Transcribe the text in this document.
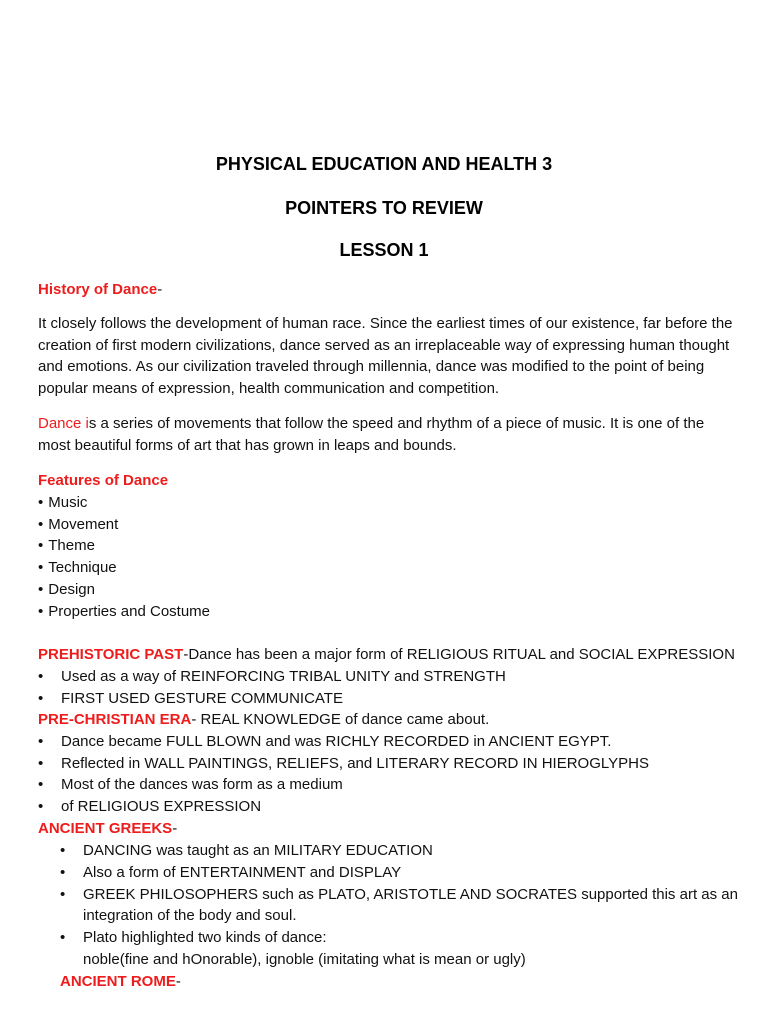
PHYSICAL EDUCATION AND HEALTH 3
POINTERS TO REVIEW
LESSON 1
History of Dance-

It closely follows the development of human race. Since the earliest times of our existence, far before the creation of first modern civilizations, dance served as an irreplaceable way of expressing human thought and emotions. As our civilization traveled through millennia, dance was modified to the point of being popular means of expression, health communication and competition.

Dance is a series of movements that follow the speed and rhythm of a piece of music. It is one of the most beautiful forms of art that has grown in leaps and bounds.

Features of Dance
• Music
• Movement
• Theme
• Technique
• Design
• Properties and Costume
PREHISTORIC PAST-Dance has been a major form of RELIGIOUS RITUAL and SOCIAL EXPRESSION
• Used as a way of REINFORCING TRIBAL UNITY and STRENGTH
• FIRST USED GESTURE COMMUNICATE
PRE-CHRISTIAN ERA- REAL KNOWLEDGE of dance came about.
• Dance became FULL BLOWN and was RICHLY RECORDED in ANCIENT EGYPT.
• Reflected in WALL PAINTINGS, RELIEFS, and LITERARY RECORD IN HIEROGLYPHS
• Most of the dances was form as a medium
• of RELIGIOUS EXPRESSION
ANCIENT GREEKS-
• DANCING was taught as an MILITARY EDUCATION
• Also a form of ENTERTAINMENT and DISPLAY
• GREEK PHILOSOPHERS such as PLATO, ARISTOTLE AND SOCRATES supported this art as an integration of the body and soul.
• Plato highlighted two kinds of dance:
noble(fine and hOnorable), ignoble (imitating what is mean or ugly)
ANCIENT ROME-
